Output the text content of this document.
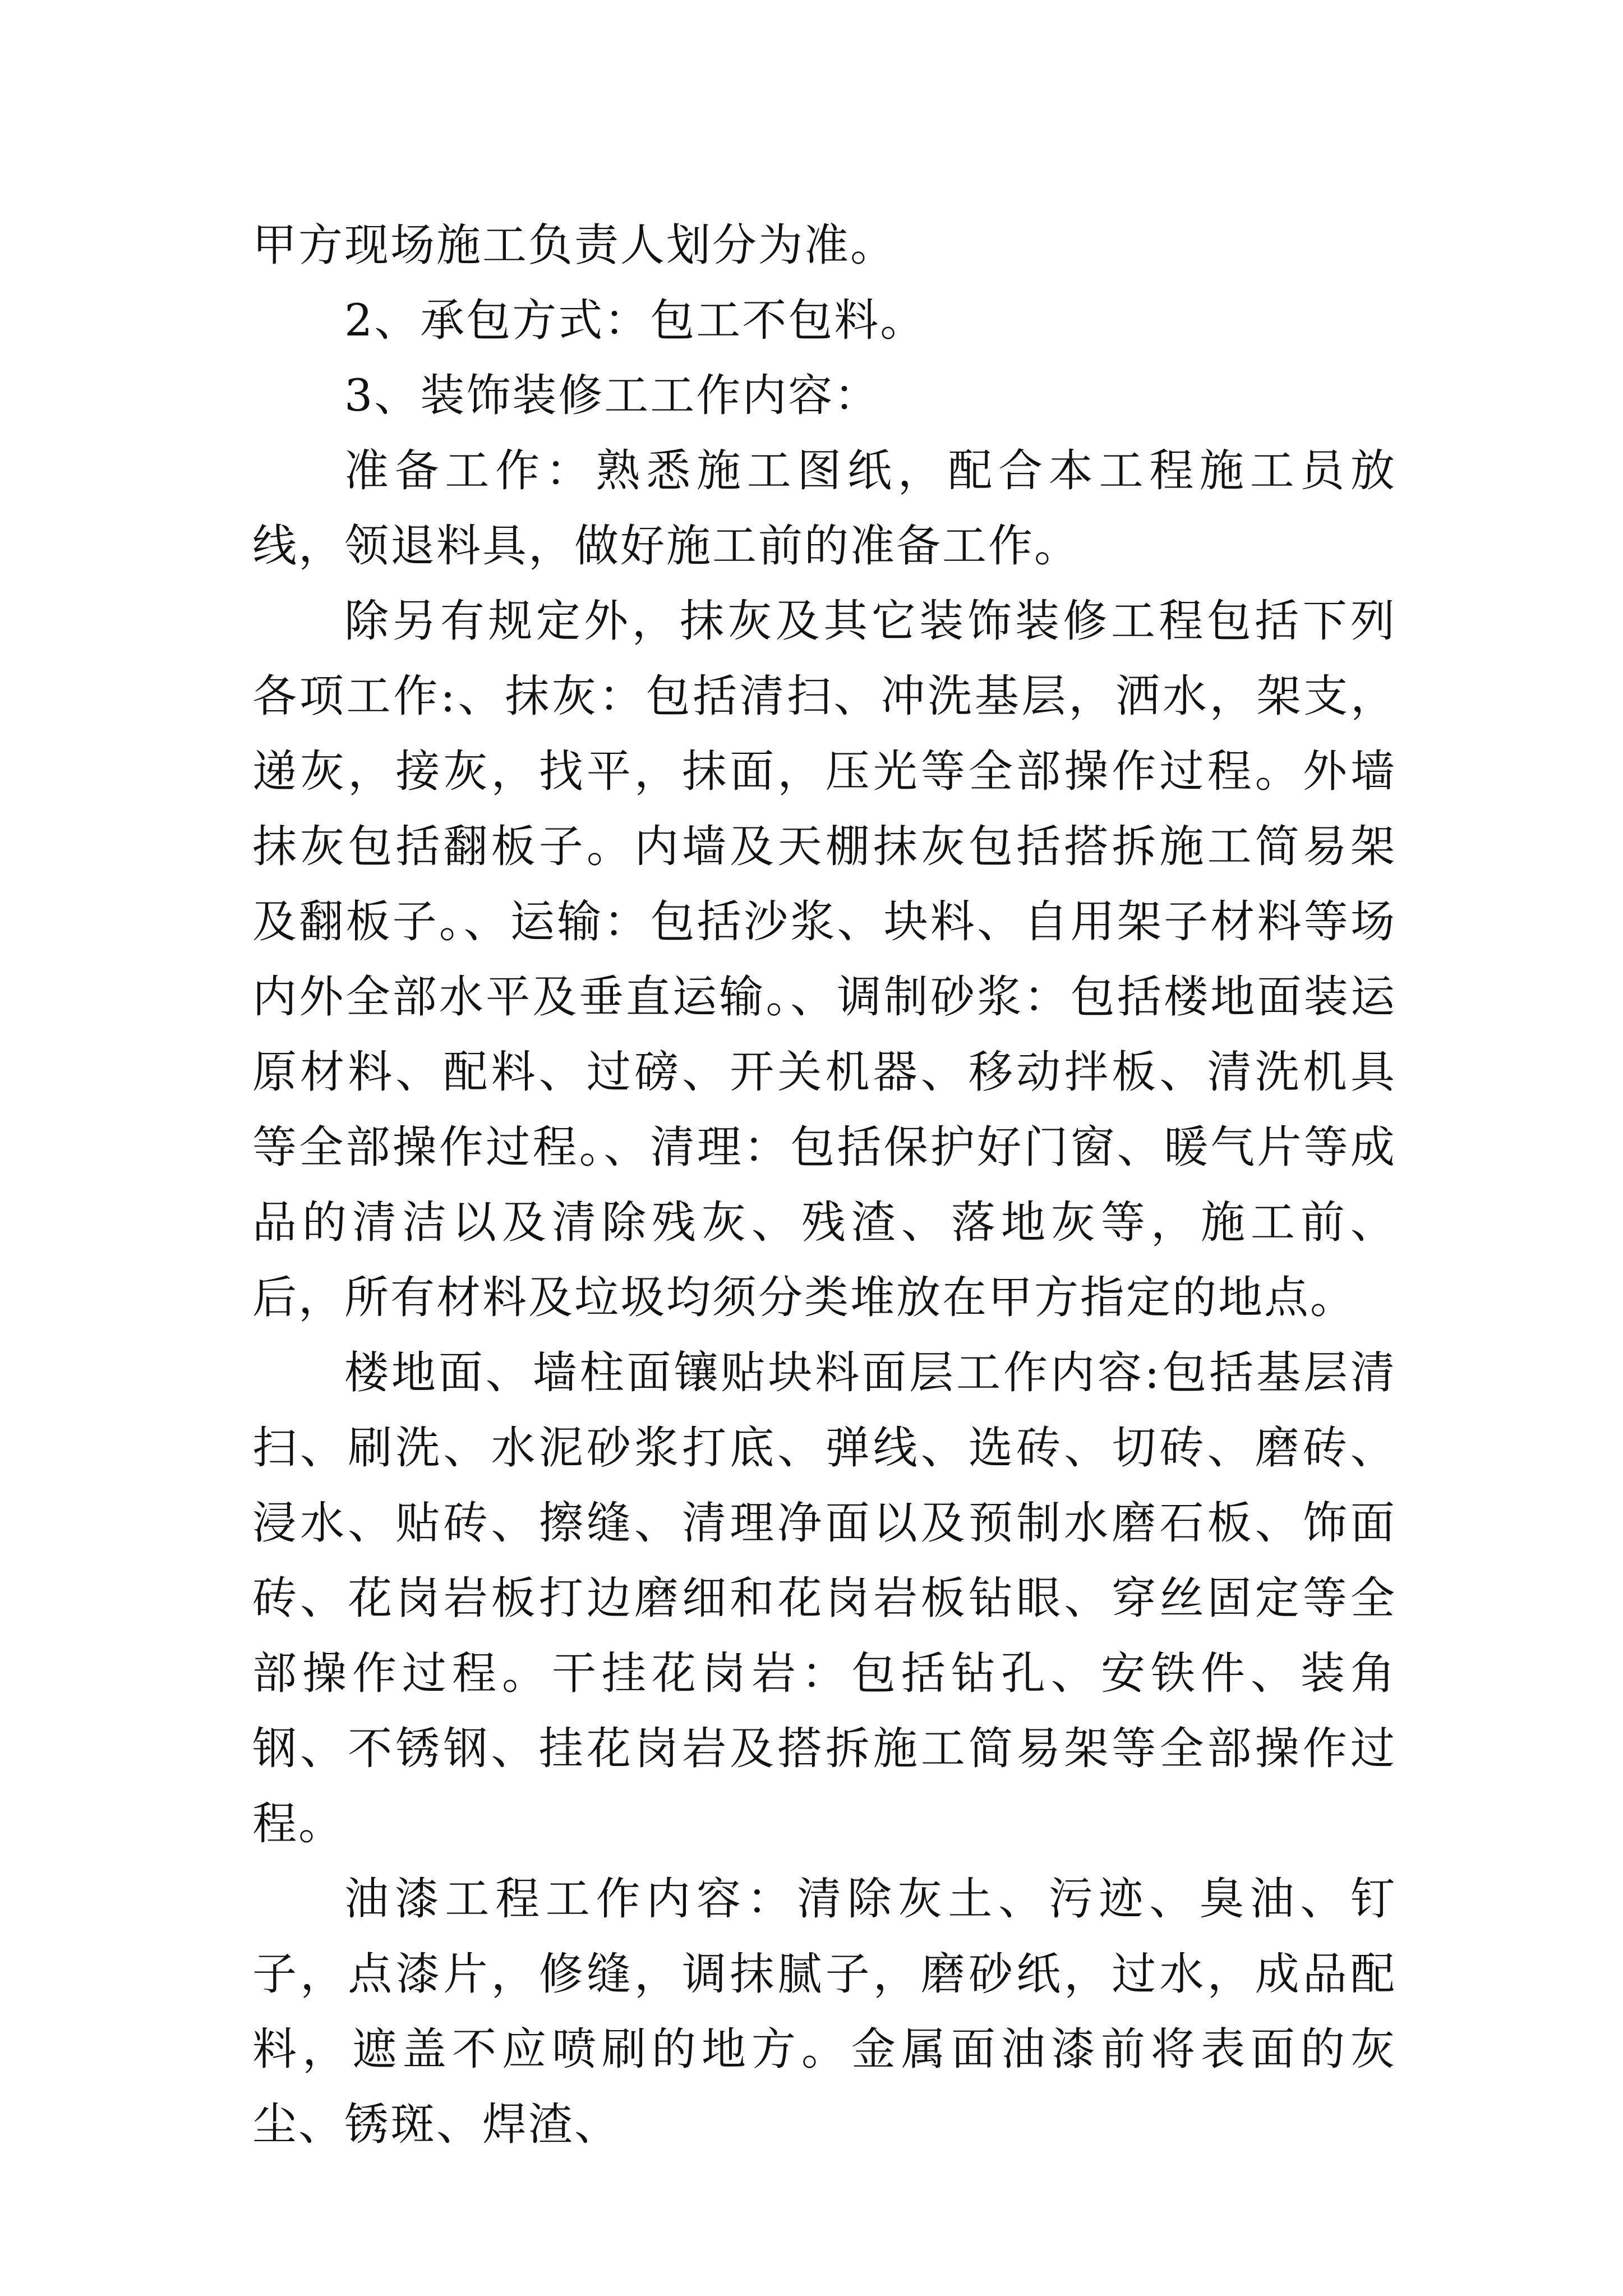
甲方现场施工负责人划分为准。

2、承包方式：包工不包料。

3、装饰装修工工作内容：

准备工作：熟悉施工图纸，配合本工程施工员放线，领退料具，做好施工前的准备工作。

除另有规定外，抹灰及其它装饰装修工程包括下列各项工作:、抹灰：包括清扫、冲洗基层，洒水，架支，递灰，接灰，找平，抹面，压光等全部操作过程。外墙抹灰包括翻板子。内墙及天棚抹灰包括搭拆施工简易架及翻板子。、运输：包括沙浆、块料、自用架子材料等场内外全部水平及垂直运输。、调制砂浆：包括楼地面装运原材料、配料、过磅、开关机器、移动拌板、清洗机具等全部操作过程。、清理：包括保护好门窗、暖气片等成品的清洁以及清除残灰、残渣、落地灰等，施工前、后，所有材料及垃圾均须分类堆放在甲方指定的地点。

楼地面、墙柱面镶贴块料面层工作内容:包括基层清扫、刷洗、水泥砂浆打底、弹线、选砖、切砖、磨砖、浸水、贴砖、擦缝、清理净面以及预制水磨石板、饰面砖、花岗岩板打边磨细和花岗岩板钻眼、穿丝固定等全部操作过程。干挂花岗岩：包括钻孔、安铁件、装角钢、不锈钢、挂花岗岩及搭拆施工简易架等全部操作过程。

油漆工程工作内容：清除灰土、污迹、臭油、钉子，点漆片，修缝，调抹腻子，磨砂纸，过水，成品配料，遮盖不应喷刷的地方。金属面油漆前将表面的灰尘、锈斑、焊渣、
